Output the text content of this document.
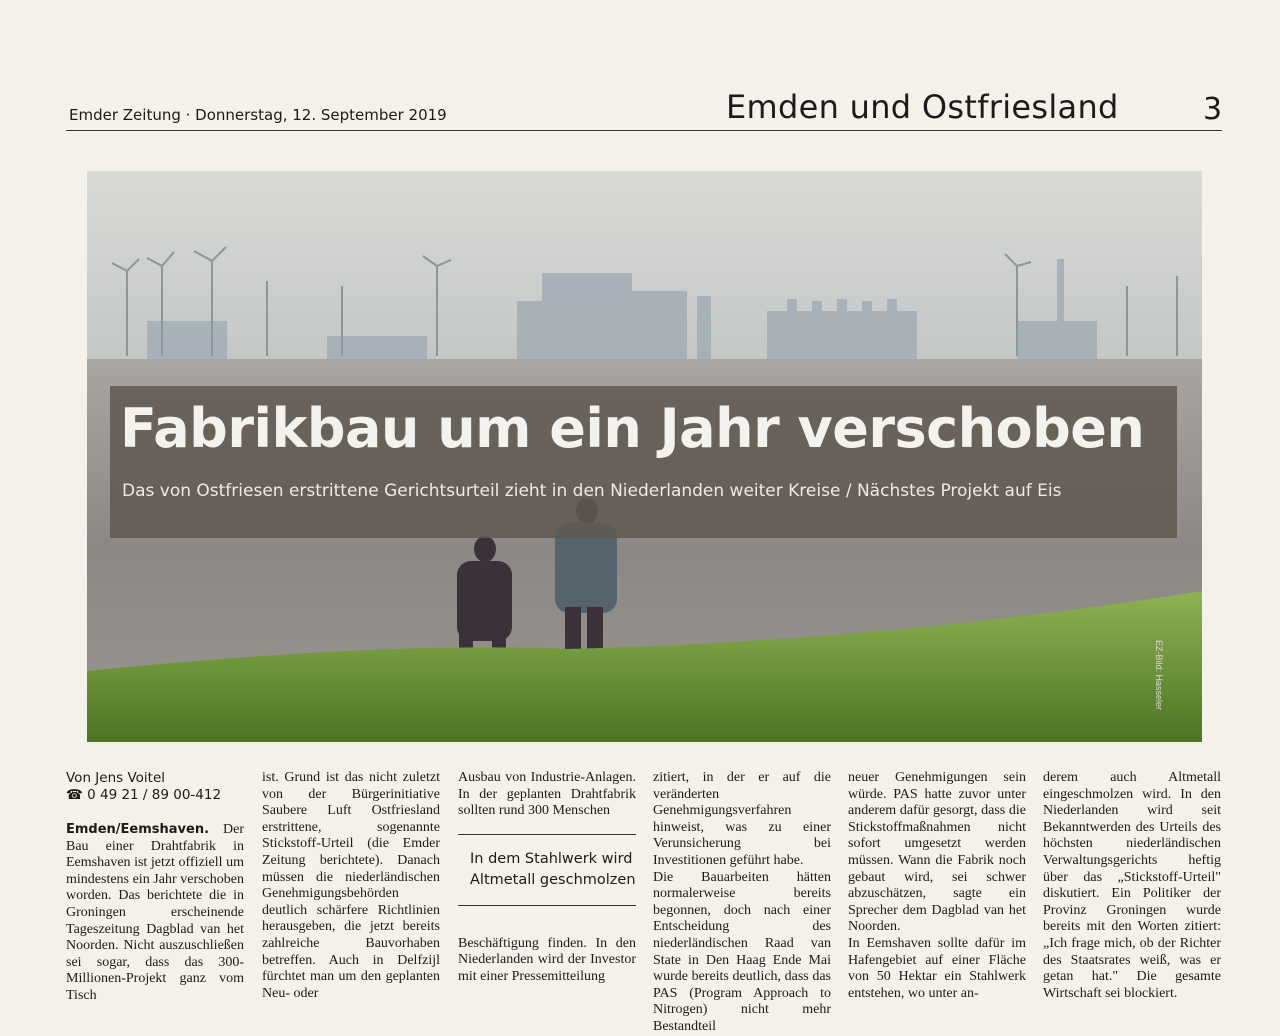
Emder Zeitung · Donnerstag, 12. September 2019	Emden und Ostfriesland	3
Fabrikbau um ein Jahr verschoben
Das von Ostfriesen erstrittene Gerichtsurteil zieht in den Niederlanden weiter Kreise / Nächstes Projekt auf Eis
EZ-Bild: Hasseler
Von Jens Voitel
☎ 0 49 21 / 89 00-412

Emden/Eemshaven. Der Bau einer Drahtfabrik in Eemshaven ist jetzt offiziell um mindestens ein Jahr verschoben worden. Das berichtete die in Groningen erscheinende Tageszeitung Dagblad van het Noorden. Nicht auszuschließen sei sogar, dass das 300-Millionen-Projekt ganz vom Tisch

ist. Grund ist das nicht zuletzt von der Bürgerinitiative Saubere Luft Ostfriesland erstrittene, sogenannte Stickstoff-Urteil (die Emder Zeitung berichtete). Danach müssen die niederländischen Genehmigungsbehörden deutlich schärfere Richtlinien herausgeben, die jetzt bereits zahlreiche Bauvorhaben betreffen. Auch in Delfzijl fürchtet man um den geplanten Neu- oder

Ausbau von Industrie-Anlagen. In der geplanten Drahtfabrik sollten rund 300 Menschen

In dem Stahlwerk wird Altmetall geschmolzen

Beschäftigung finden. In den Niederlanden wird der Investor mit einer Pressemitteilung

zitiert, in der er auf die veränderten Genehmigungsverfahren hinweist, was zu einer Verunsicherung bei Investitionen geführt habe.

Die Bauarbeiten hätten normalerweise bereits begonnen, doch nach einer Entscheidung des niederländischen Raad van State in Den Haag Ende Mai wurde bereits deutlich, dass das PAS (Program Approach to Nitrogen) nicht mehr Bestandteil

neuer Genehmigungen sein würde. PAS hatte zuvor unter anderem dafür gesorgt, dass die Stickstoffmaßnahmen nicht sofort umgesetzt werden müssen. Wann die Fabrik noch gebaut wird, sei schwer abzuschätzen, sagte ein Sprecher dem Dagblad van het Noorden.

In Eemshaven sollte dafür im Hafengebiet auf einer Fläche von 50 Hektar ein Stahlwerk entstehen, wo unter an-

derem auch Altmetall eingeschmolzen wird. In den Niederlanden wird seit Bekanntwerden des Urteils des höchsten niederländischen Verwaltungsgerichts heftig über das „Stickstoff-Urteil" diskutiert. Ein Politiker der Provinz Groningen wurde bereits mit den Worten zitiert: „Ich frage mich, ob der Richter des Staatsrates weiß, was er getan hat." Die gesamte Wirtschaft sei blockiert.
